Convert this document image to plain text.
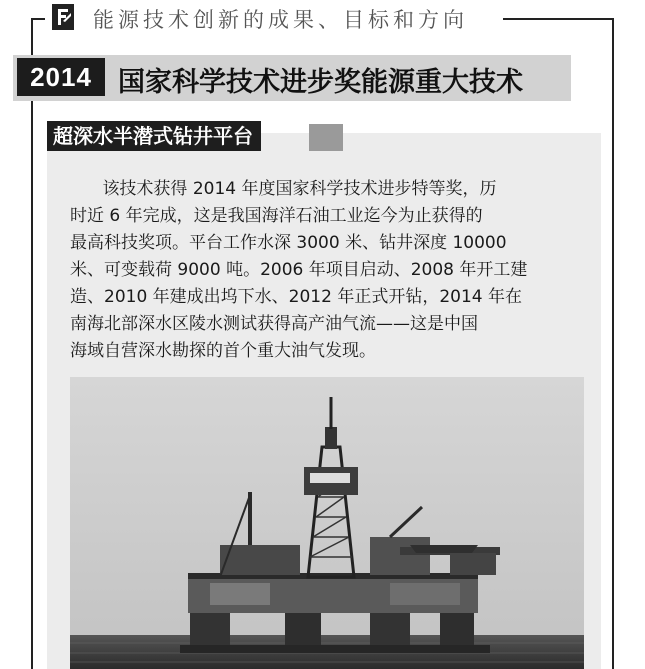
能源技术创新的成果、目标和方向
2014 国家科学技术进步奖能源重大技术
超深水半潜式钻井平台

该技术获得 2014 年度国家科学技术进步特等奖，历
时近 6 年完成，这是我国海洋石油工业迄今为止获得的
最高科技奖项。平台工作水深 3000 米、钻井深度 10000
米、可变载荷 9000 吨。2006 年项目启动、2008 年开工建
造、2010 年建成出坞下水、2012 年正式开钻，2014 年在
南海北部深水区陵水测试获得高产油气流——这是中国
海域自营深水勘探的首个重大油气发现。
